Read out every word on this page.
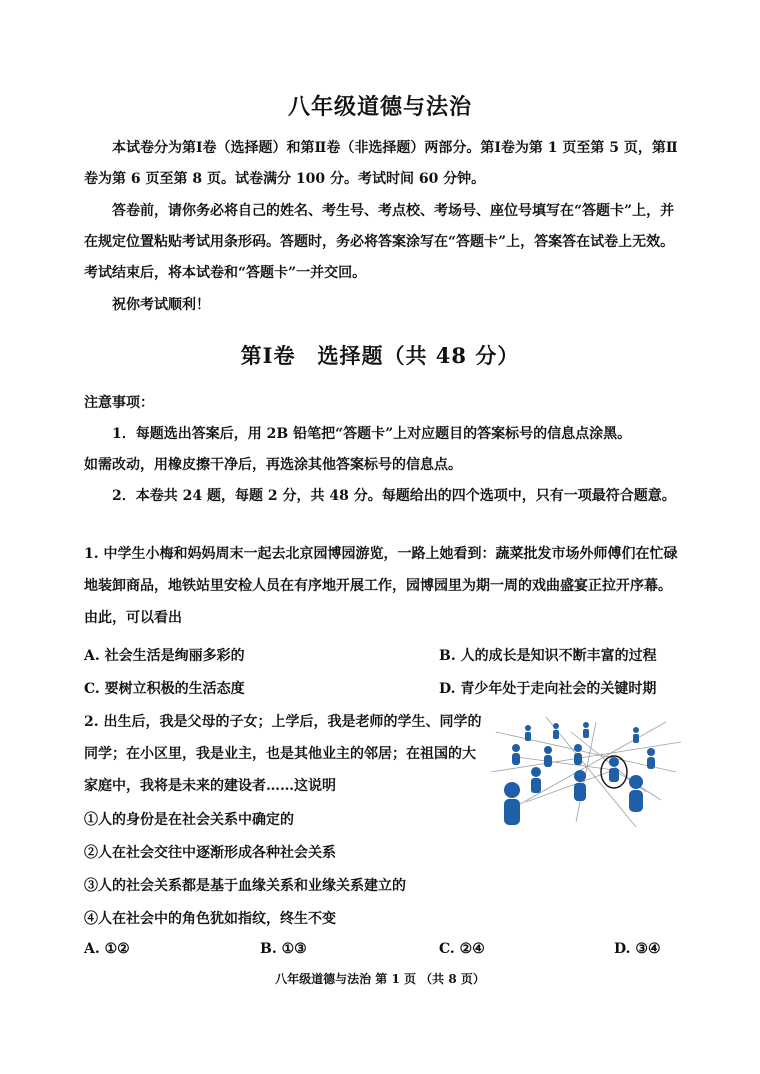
八年级道德与法治
本试卷分为第Ⅰ卷（选择题）和第Ⅱ卷（非选择题）两部分。第Ⅰ卷为第 1 页至第 5 页，第Ⅱ卷为第 6 页至第 8 页。试卷满分 100 分。考试时间 60 分钟。
答卷前，请你务必将自己的姓名、考生号、考点校、考场号、座位号填写在“答题卡”上，并在规定位置粘贴考试用条形码。答题时，务必将答案涂写在“答题卡”上，答案答在试卷上无效。考试结束后，将本试卷和“答题卡”一并交回。
祝你考试顺利！
第Ⅰ卷　选择题（共 48 分）
注意事项：
1．每题选出答案后，用 2B 铅笔把“答题卡”上对应题目的答案标号的信息点涂黑。
如需改动，用橡皮擦干净后，再选涂其他答案标号的信息点。
2．本卷共 24 题，每题 2 分，共 48 分。每题给出的四个选项中，只有一项最符合题意。
1. 中学生小梅和妈妈周末一起去北京园博园游览，一路上她看到：蔬菜批发市场外师傅们在忙碌地装卸商品，地铁站里安检人员在有序地开展工作，园博园里为期一周的戏曲盛宴正拉开序幕。由此，可以看出
A. 社会生活是绚丽多彩的	B. 人的成长是知识不断丰富的过程
C. 要树立积极的生活态度	D. 青少年处于走向社会的关键时期
2. 出生后，我是父母的子女；上学后，我是老师的学生、同学的同学；在小区里，我是业主，也是其他业主的邻居；在祖国的大家庭中，我将是未来的建设者……这说明
①人的身份是在社会关系中确定的
②人在社会交往中逐渐形成各种社会关系
③人的社会关系都是基于血缘关系和业缘关系建立的
④人在社会中的角色犹如指纹，终生不变
A. ①②	B. ①③	C. ②④	D. ③④
八年级道德与法治 第 1 页 （共 8 页）
